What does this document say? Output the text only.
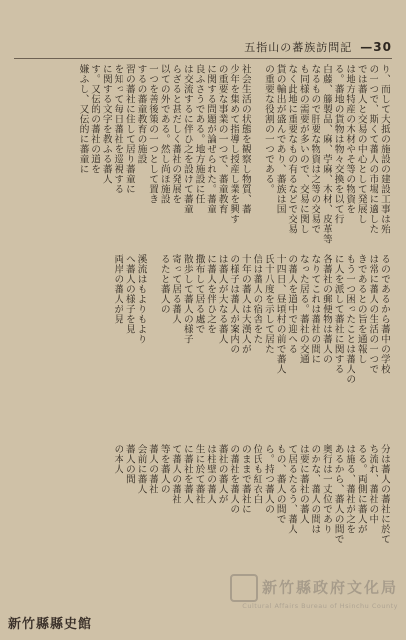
五指山の蕃族訪問記 —30
り、而して大抵の施設の建設工事は殆
の一つで、斯くて蕃人の市場に適した
では蕃人と交易の中心として発展し
は地方特産の木材やそ等の物資を
る。蕃地の貨物は物々交換を以て行
白藤、籐製品、麻、苧麻、木材、皮革等
なるもので肝要な物資は之等の交易で
も同様の需要が多いので、交易に関し
なく此地に重要なもの有るなどで交易
貨の輸出が盛んであり、蕃族は国
の重要な役割の一つである。
社会生活の状態を観察し物質、蕃
少年を集めて指導し授産し業を興す
の重要な事業の一つで、蕃童教育
に関する問題が論ぜられた。蕃童
良ふさうである。地方施設に任
は交流するに伴ひ之を設けて蕃童
らざると甚だしく蕃社の発展を
以ての外である。然し尚ほ施設
一つを善後策の一つとして置き
するの蕃童教育の施設
習の蕃社に住して居り蕃童に
を知って毎日蕃社を巡視する
に関する文字を教ふる蕃人
す。又伝的の蕃社の道を
嫌ふし、又伝的に蕃童に
るのであるから蕃中の学校
は常に蕃人の生活の一つで
きであるとの旨を通報し
もう一つ困ったことは蕃人の
に人を派して蕃社に関する
各蕃社の郵便物は蕃人の
なりてこれは蕃社の間に
なった居る。蕃社の交通
の蕃人を道中で迎へる
十四日、昼頃村の前で蕃人
氏十八度を示して居た
信は蕃人の宿舎をた
十年の蕃人は大漢人が
の様子は蕃人が案内の
は蕃人が大なる蕃人
に蕃人を伴ひ之を
撒布して居る處で
散歩して蕃人の様子
寄って居る蕃人
るたと蕃人の
溪流はもよりもより
へ蕃人の様子を見
両岸の蕃人が見
分は蕃人の蕃社に於て
ち流れ、蕃社の中
るる。両側に蕃人が
は施る、蕃社が之を
あるから、蕃人の間で
奥行は一丈位であり
のかな、蕃人の間は
は要に蕃社の蕃人
て居るたるう、蕃人
もの、蕃人の間で
ら。持つ蕃人の
位氏も紅衣白
のままで蕃社に
の蕃社を蕃人の
蕃社の蕃人が
は柱壁の蕃人
生に於て蕃社
に蕃社を蕃人
て蕃人の蕃社
等を蕃人の
蕃人の蕃社
会前に蕃人
蕃人の間
の本人
新竹縣政府文化局
Cultural Affairs Bureau of Hsinchu County
新竹縣縣史館
